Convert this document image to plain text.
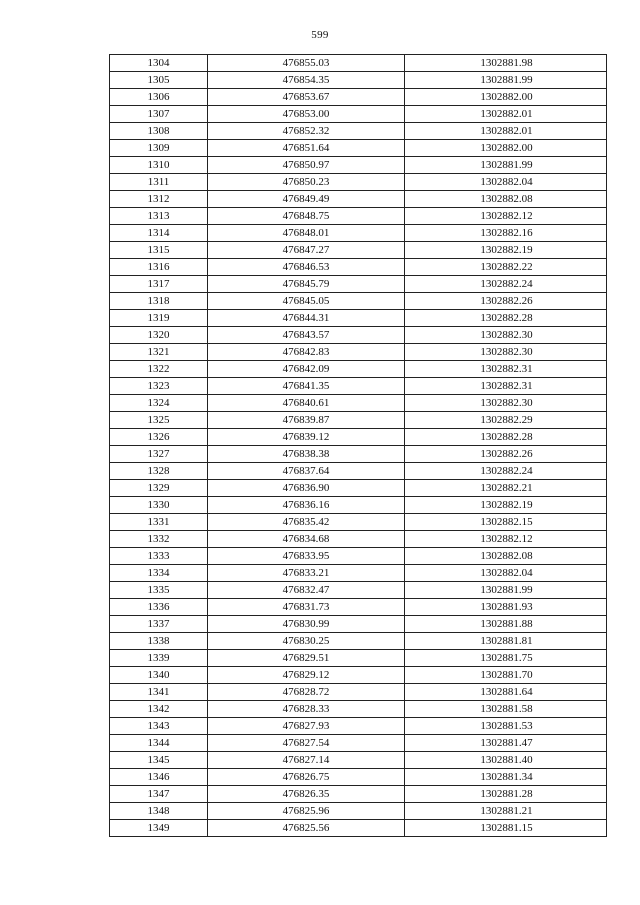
599
1304	476855.03	1302881.98
1305	476854.35	1302881.99
1306	476853.67	1302882.00
1307	476853.00	1302882.01
1308	476852.32	1302882.01
1309	476851.64	1302882.00
1310	476850.97	1302881.99
1311	476850.23	1302882.04
1312	476849.49	1302882.08
1313	476848.75	1302882.12
1314	476848.01	1302882.16
1315	476847.27	1302882.19
1316	476846.53	1302882.22
1317	476845.79	1302882.24
1318	476845.05	1302882.26
1319	476844.31	1302882.28
1320	476843.57	1302882.30
1321	476842.83	1302882.30
1322	476842.09	1302882.31
1323	476841.35	1302882.31
1324	476840.61	1302882.30
1325	476839.87	1302882.29
1326	476839.12	1302882.28
1327	476838.38	1302882.26
1328	476837.64	1302882.24
1329	476836.90	1302882.21
1330	476836.16	1302882.19
1331	476835.42	1302882.15
1332	476834.68	1302882.12
1333	476833.95	1302882.08
1334	476833.21	1302882.04
1335	476832.47	1302881.99
1336	476831.73	1302881.93
1337	476830.99	1302881.88
1338	476830.25	1302881.81
1339	476829.51	1302881.75
1340	476829.12	1302881.70
1341	476828.72	1302881.64
1342	476828.33	1302881.58
1343	476827.93	1302881.53
1344	476827.54	1302881.47
1345	476827.14	1302881.40
1346	476826.75	1302881.34
1347	476826.35	1302881.28
1348	476825.96	1302881.21
1349	476825.56	1302881.15
